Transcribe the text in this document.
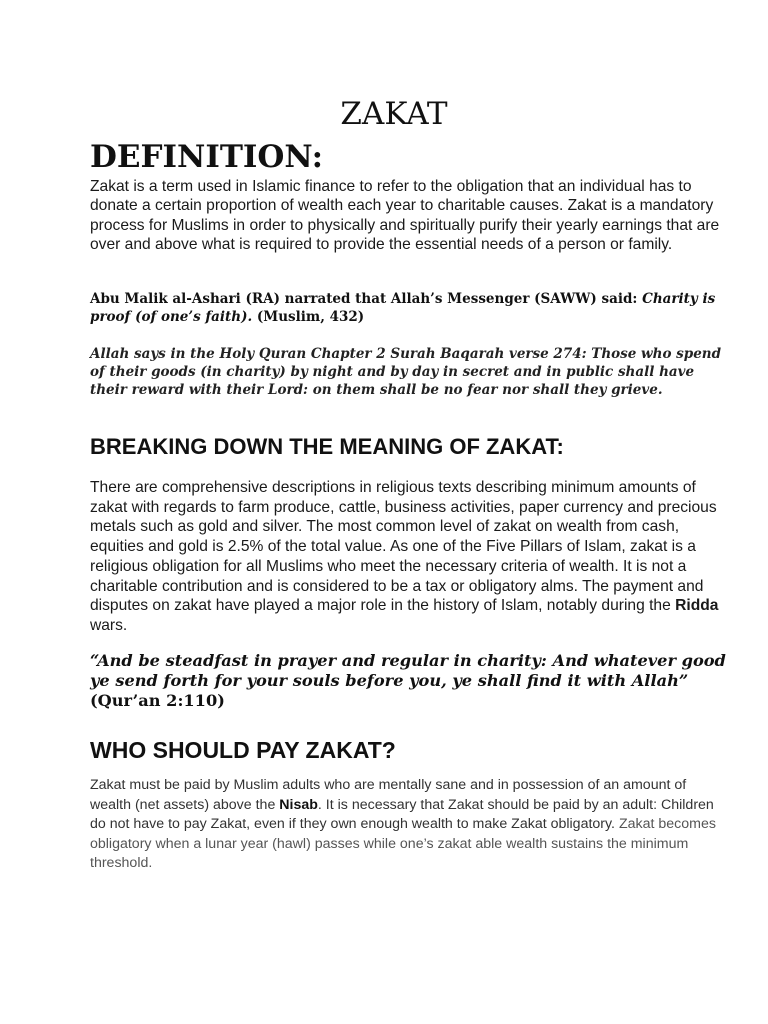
ZAKAT
DEFINITION:

Zakat is a term used in Islamic finance to refer to the obligation that an individual has to donate a certain proportion of wealth each year to charitable causes. Zakat is a mandatory process for Muslims in order to physically and spiritually purify their yearly earnings that are over and above what is required to provide the essential needs of a person or family.

Abu Malik al-Ashari (RA) narrated that Allah’s Messenger (SAWW) said: Charity is proof (of one’s faith). (Muslim, 432)

Allah says in the Holy Quran Chapter 2 Surah Baqarah verse 274: Those who spend of their goods (in charity) by night and by day in secret and in public shall have their reward with their Lord: on them shall be no fear nor shall they grieve.

BREAKING DOWN THE MEANING OF ZAKAT:

There are comprehensive descriptions in religious texts describing minimum amounts of zakat with regards to farm produce, cattle, business activities, paper currency and precious metals such as gold and silver. The most common level of zakat on wealth from cash, equities and gold is 2.5% of the total value. As one of the Five Pillars of Islam, zakat is a religious obligation for all Muslims who meet the necessary criteria of wealth. It is not a charitable contribution and is considered to be a tax or obligatory alms. The payment and disputes on zakat have played a major role in the history of Islam, notably during the Ridda wars.

“And be steadfast in prayer and regular in charity: And whatever good ye send forth for your souls before you, ye shall find it with Allah” (Qur’an 2:110)

WHO SHOULD PAY ZAKAT?

Zakat must be paid by Muslim adults who are mentally sane and in possession of an amount of wealth (net assets) above the Nisab. It is necessary that Zakat should be paid by an adult: Children do not have to pay Zakat, even if they own enough wealth to make Zakat obligatory. Zakat becomes obligatory when a lunar year (hawl) passes while one’s zakat able wealth sustains the minimum threshold.
